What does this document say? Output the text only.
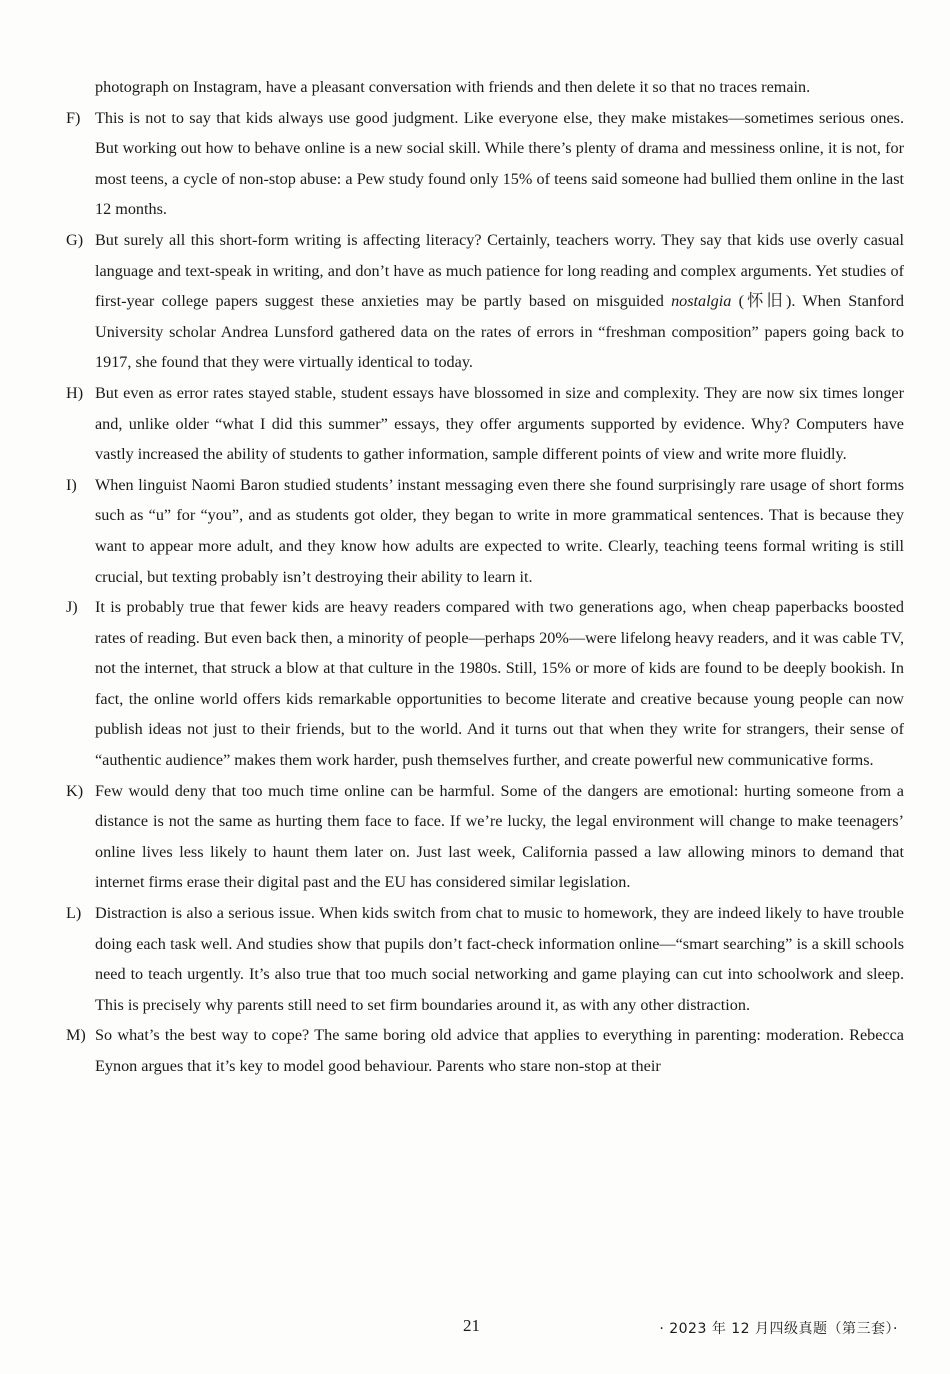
photograph on Instagram, have a pleasant conversation with friends and then delete it so that no traces remain.

F) This is not to say that kids always use good judgment. Like everyone else, they make mistakes—sometimes serious ones. But working out how to behave online is a new social skill. While there’s plenty of drama and messiness online, it is not, for most teens, a cycle of non-stop abuse: a Pew study found only 15% of teens said someone had bullied them online in the last 12 months.

G) But surely all this short-form writing is affecting literacy? Certainly, teachers worry. They say that kids use overly casual language and text-speak in writing, and don’t have as much patience for long reading and complex arguments. Yet studies of first-year college papers suggest these anxieties may be partly based on misguided nostalgia (怀旧). When Stanford University scholar Andrea Lunsford gathered data on the rates of errors in “freshman composition” papers going back to 1917, she found that they were virtually identical to today.

H) But even as error rates stayed stable, student essays have blossomed in size and complexity. They are now six times longer and, unlike older “what I did this summer” essays, they offer arguments supported by evidence. Why? Computers have vastly increased the ability of students to gather information, sample different points of view and write more fluidly.

I) When linguist Naomi Baron studied students’ instant messaging even there she found surprisingly rare usage of short forms such as “u” for “you”, and as students got older, they began to write in more grammatical sentences. That is because they want to appear more adult, and they know how adults are expected to write. Clearly, teaching teens formal writing is still crucial, but texting probably isn’t destroying their ability to learn it.

J) It is probably true that fewer kids are heavy readers compared with two generations ago, when cheap paperbacks boosted rates of reading. But even back then, a minority of people—perhaps 20%—were lifelong heavy readers, and it was cable TV, not the internet, that struck a blow at that culture in the 1980s. Still, 15% or more of kids are found to be deeply bookish. In fact, the online world offers kids remarkable opportunities to become literate and creative because young people can now publish ideas not just to their friends, but to the world. And it turns out that when they write for strangers, their sense of “authentic audience” makes them work harder, push themselves further, and create powerful new communicative forms.

K) Few would deny that too much time online can be harmful. Some of the dangers are emotional: hurting someone from a distance is not the same as hurting them face to face. If we’re lucky, the legal environment will change to make teenagers’ online lives less likely to haunt them later on. Just last week, California passed a law allowing minors to demand that internet firms erase their digital past and the EU has considered similar legislation.

L) Distraction is also a serious issue. When kids switch from chat to music to homework, they are indeed likely to have trouble doing each task well. And studies show that pupils don’t fact-check information online—“smart searching” is a skill schools need to teach urgently. It’s also true that too much social networking and game playing can cut into schoolwork and sleep. This is precisely why parents still need to set firm boundaries around it, as with any other distraction.

M) So what’s the best way to cope? The same boring old advice that applies to everything in parenting: moderation. Rebecca Eynon argues that it’s key to model good behaviour. Parents who stare non-stop at their

21	· 2023 年 12 月四级真题（第三套）·
